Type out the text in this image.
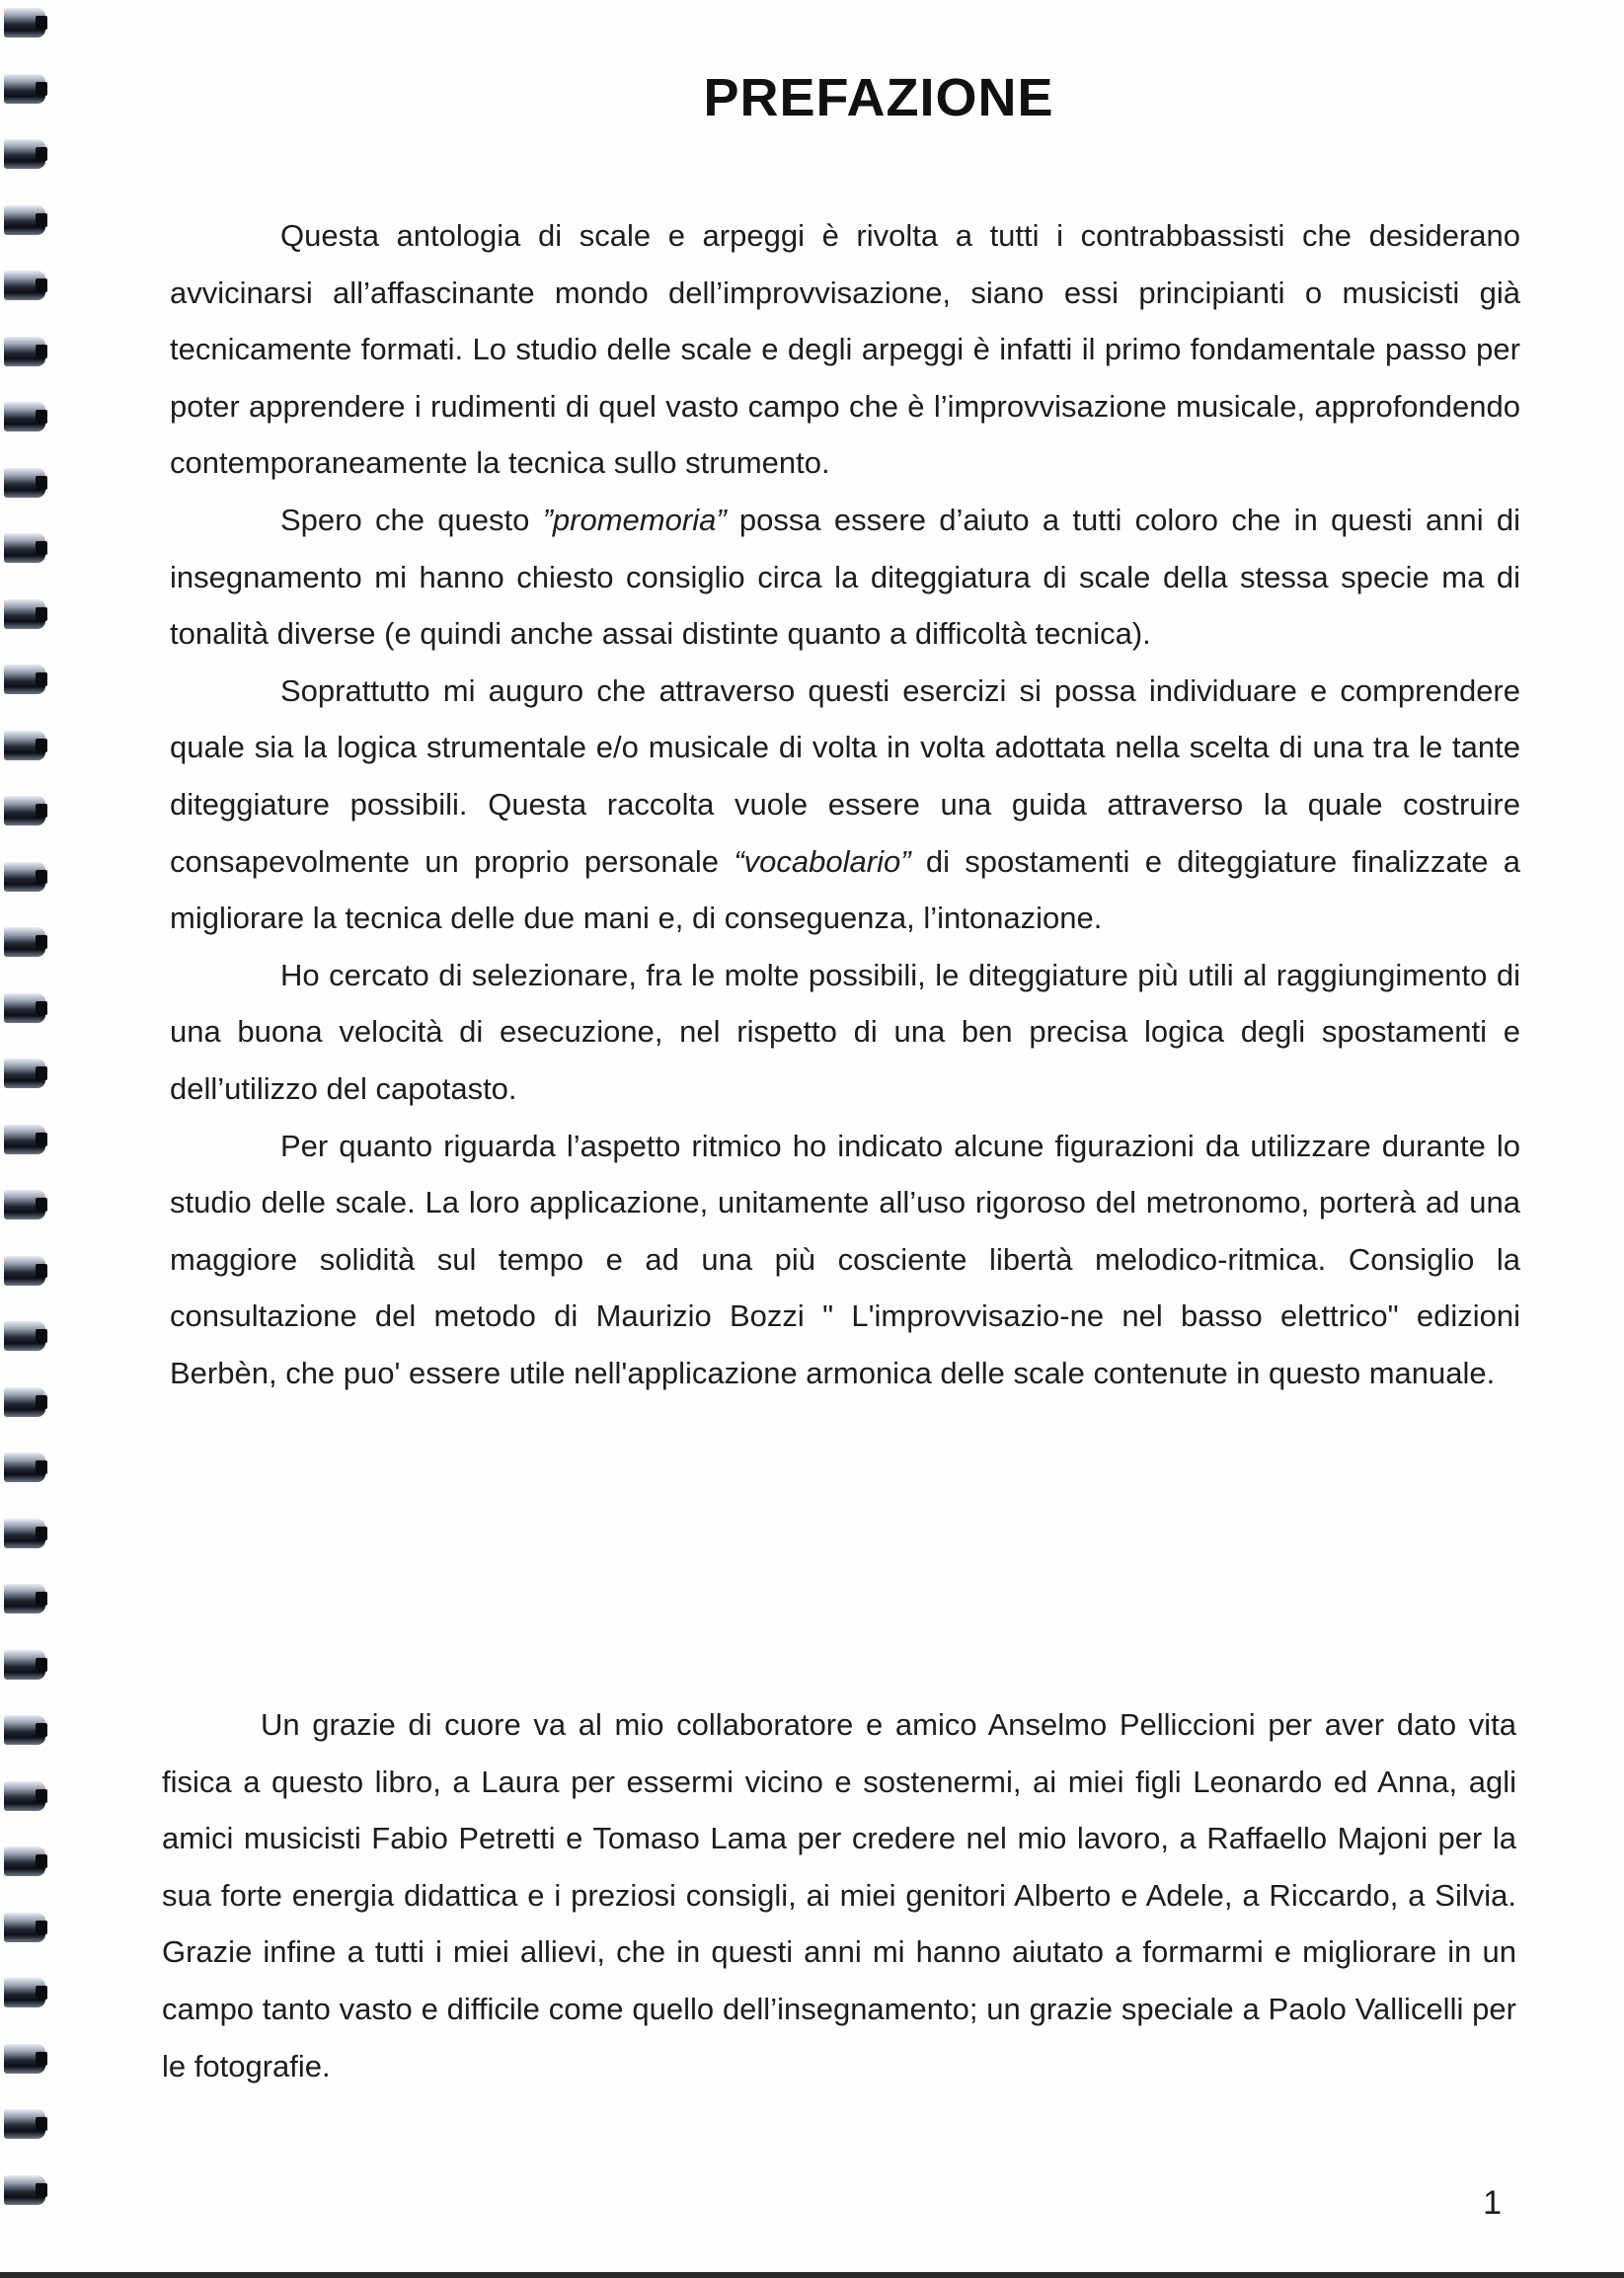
PREFAZIONE

Questa antologia di scale e arpeggi è rivolta a tutti i contrabbassisti che desiderano avvicinarsi all’affascinante mondo dell’improvvisazione, siano essi principianti o musicisti già tecnicamente formati. Lo studio delle scale e degli arpeggi è infatti il primo fondamentale passo per poter apprendere i rudimenti di quel vasto campo che è l’improvvisazione musicale, approfondendo contemporaneamente la tecnica sullo strumento.

Spero che questo ”promemoria” possa essere d’aiuto a tutti coloro che in questi anni di insegnamento mi hanno chiesto consiglio circa la diteggiatura di scale della stessa specie ma di tonalità diverse (e quindi anche assai distinte quanto a difficoltà tecnica).

Soprattutto mi auguro che attraverso questi esercizi si possa individuare e comprendere quale sia la logica strumentale e/o musicale di volta in volta adottata nella scelta di una tra le tante diteggiature possibili. Questa raccolta vuole essere una guida attraverso la quale costruire consapevolmente un proprio personale “vocabolario” di spostamenti e diteggiature finalizzate a migliorare la tecnica delle due mani e, di conseguenza, l’intonazione.

Ho cercato di selezionare, fra le molte possibili, le diteggiature più utili al raggiungimento di una buona velocità di esecuzione, nel rispetto di una ben precisa logica degli spostamenti e dell’utilizzo del capotasto.

Per quanto riguarda l’aspetto ritmico ho indicato alcune figurazioni da utilizzare durante lo studio delle scale. La loro applicazione, unitamente all’uso rigoroso del metronomo, porterà ad una maggiore solidità sul tempo e ad una più cosciente libertà melodico-ritmica. Consiglio la consultazione del metodo di Maurizio Bozzi " L'improvvisazio-ne nel basso elettrico" edizioni Berbèn, che puo' essere utile nell'applicazione armonica delle scale contenute in questo manuale.

Un grazie di cuore va al mio collaboratore e amico Anselmo Pelliccioni per aver dato vita fisica a questo libro, a Laura per essermi vicino e sostenermi, ai miei figli Leonardo ed Anna, agli amici musicisti Fabio Petretti e Tomaso Lama per credere nel mio lavoro, a Raffaello Majoni per la sua forte energia didattica e i preziosi consigli, ai miei genitori Alberto e Adele, a Riccardo, a Silvia. Grazie infine a tutti i miei allievi, che in questi anni mi hanno aiutato a formarmi e migliorare in un campo tanto vasto e difficile come quello dell’insegnamento; un grazie speciale a Paolo Vallicelli per le fotografie.

1
